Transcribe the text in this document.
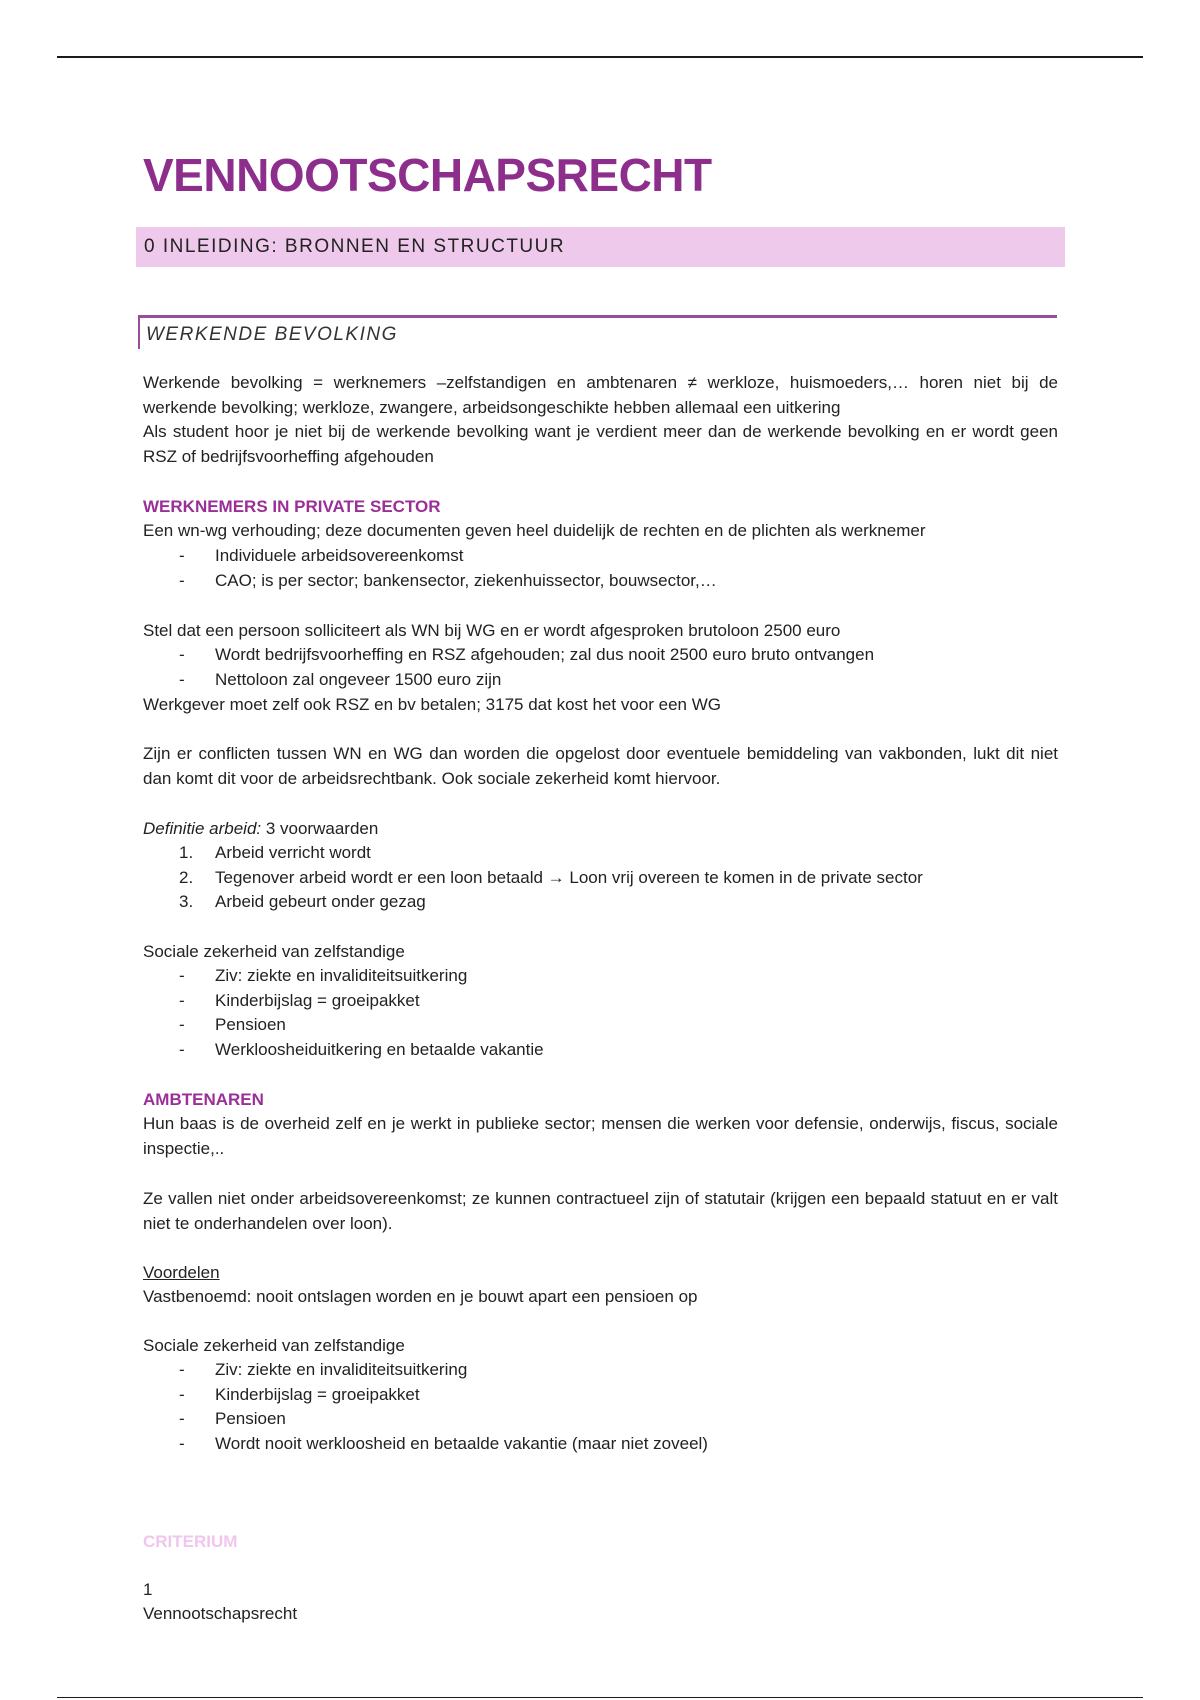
VENNOOTSCHAPSRECHT
0 INLEIDING: BRONNEN EN STRUCTUUR
WERKENDE BEVOLKING
Werkende bevolking = werknemers –zelfstandigen en ambtenaren ≠ werkloze, huismoeders,… horen niet bij de werkende bevolking; werkloze, zwangere, arbeidsongeschikte hebben allemaal een uitkering
Als student hoor je niet bij de werkende bevolking want je verdient meer dan de werkende bevolking en er wordt geen RSZ of bedrijfsvoorheffing afgehouden
WERKNEMERS IN PRIVATE SECTOR
Een wn-wg verhouding; deze documenten geven heel duidelijk de rechten en de plichten als werknemer
-	Individuele arbeidsovereenkomst
-	CAO; is per sector; bankensector, ziekenhuissector, bouwsector,…
Stel dat een persoon solliciteert als WN bij WG en er wordt afgesproken brutoloon 2500 euro
-	Wordt bedrijfsvoorheffing en RSZ afgehouden; zal dus nooit 2500 euro bruto ontvangen
-	Nettoloon zal ongeveer 1500 euro zijn
Werkgever moet zelf ook RSZ en bv betalen; 3175 dat kost het voor een WG
Zijn er conflicten tussen WN en WG dan worden die opgelost door eventuele bemiddeling van vakbonden, lukt dit niet dan komt dit voor de arbeidsrechtbank. Ook sociale zekerheid komt hiervoor.
Definitie arbeid: 3 voorwaarden
1.	Arbeid verricht wordt
2.	Tegenover arbeid wordt er een loon betaald → Loon vrij overeen te komen in de private sector
3.	Arbeid gebeurt onder gezag
Sociale zekerheid van zelfstandige
-	Ziv: ziekte en invaliditeitsuitkering
-	Kinderbijslag = groeipakket
-	Pensioen
-	Werkloosheiduitkering en betaalde vakantie
AMBTENAREN
Hun baas is de overheid zelf en je werkt in publieke sector; mensen die werken voor defensie, onderwijs, fiscus, sociale inspectie,..
Ze vallen niet onder arbeidsovereenkomst; ze kunnen contractueel zijn of statutair (krijgen een bepaald statuut en er valt niet te onderhandelen over loon).
Voordelen
Vastbenoemd: nooit ontslagen worden en je bouwt apart een pensioen op
Sociale zekerheid van zelfstandige
-	Ziv: ziekte en invaliditeitsuitkering
-	Kinderbijslag = groeipakket
-	Pensioen
-	Wordt nooit werkloosheid en betaalde vakantie (maar niet zoveel)
CRITERIUM
1
Vennootschapsrecht
